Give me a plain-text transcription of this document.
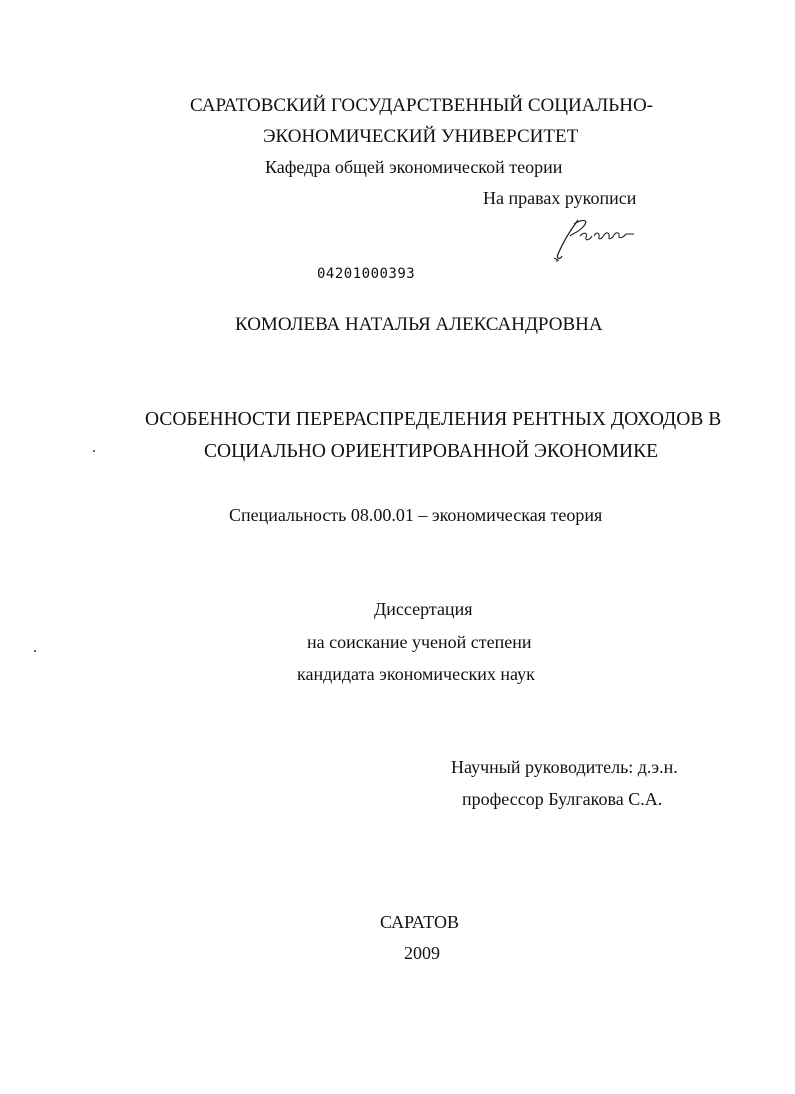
САРАТОВСКИЙ ГОСУДАРСТВЕННЫЙ СОЦИАЛЬНО-
ЭКОНОМИЧЕСКИЙ УНИВЕРСИТЕТ
Кафедра общей экономической теории
На правах рукописи
04201000393
КОМОЛЕВА НАТАЛЬЯ АЛЕКСАНДРОВНА
ОСОБЕННОСТИ ПЕРЕРАСПРЕДЕЛЕНИЯ РЕНТНЫХ ДОХОДОВ В
СОЦИАЛЬНО ОРИЕНТИРОВАННОЙ ЭКОНОМИКЕ
Специальность 08.00.01 – экономическая теория
Диссертация
на соискание ученой степени
кандидата экономических наук
Научный руководитель: д.э.н.
профессор Булгакова С.А.
САРАТОВ
2009
